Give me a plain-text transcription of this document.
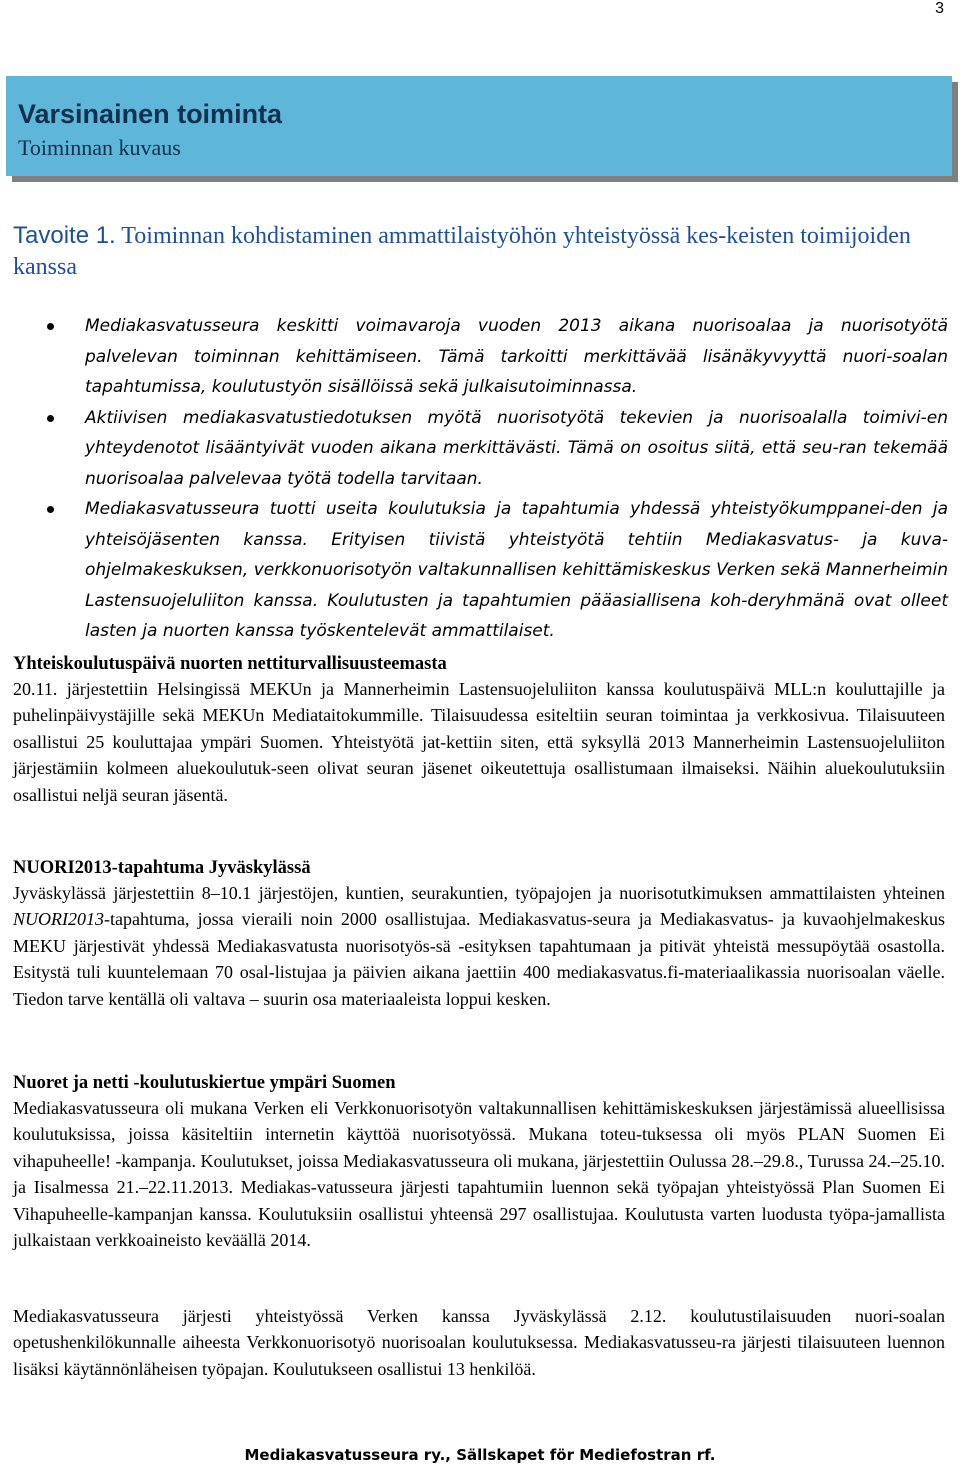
3
Varsinainen toiminta
Toiminnan kuvaus
Tavoite 1. Toiminnan kohdistaminen ammattilaistyöhön yhteistyössä kes-keisten toimijoiden kanssa
Mediakasvatusseura keskitti voimavaroja vuoden 2013 aikana nuorisoalaa ja nuorisotyötä palvelevan toiminnan kehittämiseen. Tämä tarkoitti merkittävää lisänäkyvyyttä nuori-soalan tapahtumissa, koulutustyön sisällöissä sekä julkaisutoiminnassa.
Aktiivisen mediakasvatustiedotuksen myötä nuorisotyötä tekevien ja nuorisoalalla toimivi-en yhteydenotot lisääntyivät vuoden aikana merkittävästi. Tämä on osoitus siitä, että seu-ran tekemää nuorisoalaa palvelevaa työtä todella tarvitaan.
Mediakasvatusseura tuotti useita koulutuksia ja tapahtumia yhdessä yhteistyökumppanei-den ja yhteisöjäsenten kanssa. Erityisen tiivistä yhteistyötä tehtiin Mediakasvatus- ja kuva-ohjelmakeskuksen, verkkonuorisotyön valtakunnallisen kehittämiskeskus Verken sekä Mannerheimin Lastensuojeluliiton kanssa. Koulutusten ja tapahtumien pääasiallisena koh-deryhmänä ovat olleet lasten ja nuorten kanssa työskentelevät ammattilaiset.
Yhteiskoulutuspäivä nuorten nettiturvallisuusteemasta

20.11. järjestettiin Helsingissä MEKUn ja Mannerheimin Lastensuojeluliiton kanssa koulutuspäivä MLL:n kouluttajille ja puhelinpäivystäjille sekä MEKUn Mediataitokummille. Tilaisuudessa esiteltiin seuran toimintaa ja verkkosivua. Tilaisuuteen osallistui 25 kouluttajaa ympäri Suomen. Yhteistyötä jat-kettiin siten, että syksyllä 2013 Mannerheimin Lastensuojeluliiton järjestämiin kolmeen aluekoulutuk-seen olivat seuran jäsenet oikeutettuja osallistumaan ilmaiseksi. Näihin aluekoulutuksiin osallistui neljä seuran jäsentä.

NUORI2013-tapahtuma Jyväskylässä

Jyväskylässä järjestettiin 8–10.1 järjestöjen, kuntien, seurakuntien, työpajojen ja nuorisotutkimuksen ammattilaisten yhteinen NUORI2013-tapahtuma, jossa vieraili noin 2000 osallistujaa. Mediakasvatus-seura ja Mediakasvatus- ja kuvaohjelmakeskus MEKU järjestivät yhdessä Mediakasvatusta nuorisotyös-sä -esityksen tapahtumaan ja pitivät yhteistä messupöytää osastolla. Esitystä tuli kuuntelemaan 70 osal-listujaa ja päivien aikana jaettiin 400 mediakasvatus.fi-materiaalikassia nuorisoalan väelle. Tiedon tarve kentällä oli valtava – suurin osa materiaaleista loppui kesken.

Nuoret ja netti -koulutuskiertue ympäri Suomen

Mediakasvatusseura oli mukana Verken eli Verkkonuorisotyön valtakunnallisen kehittämiskeskuksen järjestämissä alueellisissa koulutuksissa, joissa käsiteltiin internetin käyttöä nuorisotyössä. Mukana toteu-tuksessa oli myös PLAN Suomen Ei vihapuheelle! -kampanja. Koulutukset, joissa Mediakasvatusseura oli mukana, järjestettiin Oulussa 28.–29.8., Turussa 24.–25.10. ja Iisalmessa 21.–22.11.2013. Mediakas-vatusseura järjesti tapahtumiin luennon sekä työpajan yhteistyössä Plan Suomen Ei Vihapuheelle-kampanjan kanssa. Koulutuksiin osallistui yhteensä 297 osallistujaa. Koulutusta varten luodusta työpa-jamallista julkaistaan verkkoaineisto keväällä 2014.

Mediakasvatusseura järjesti yhteistyössä Verken kanssa Jyväskylässä 2.12. koulutustilaisuuden nuori-soalan opetushenkilökunnalle aiheesta Verkkonuorisotyö nuorisoalan koulutuksessa. Mediakasvatusseu-ra järjesti tilaisuuteen luennon lisäksi käytännönläheisen työpajan. Koulutukseen osallistui 13 henkilöä.

Mediakasvatusseura ry., Sällskapet för Mediefostran rf.
